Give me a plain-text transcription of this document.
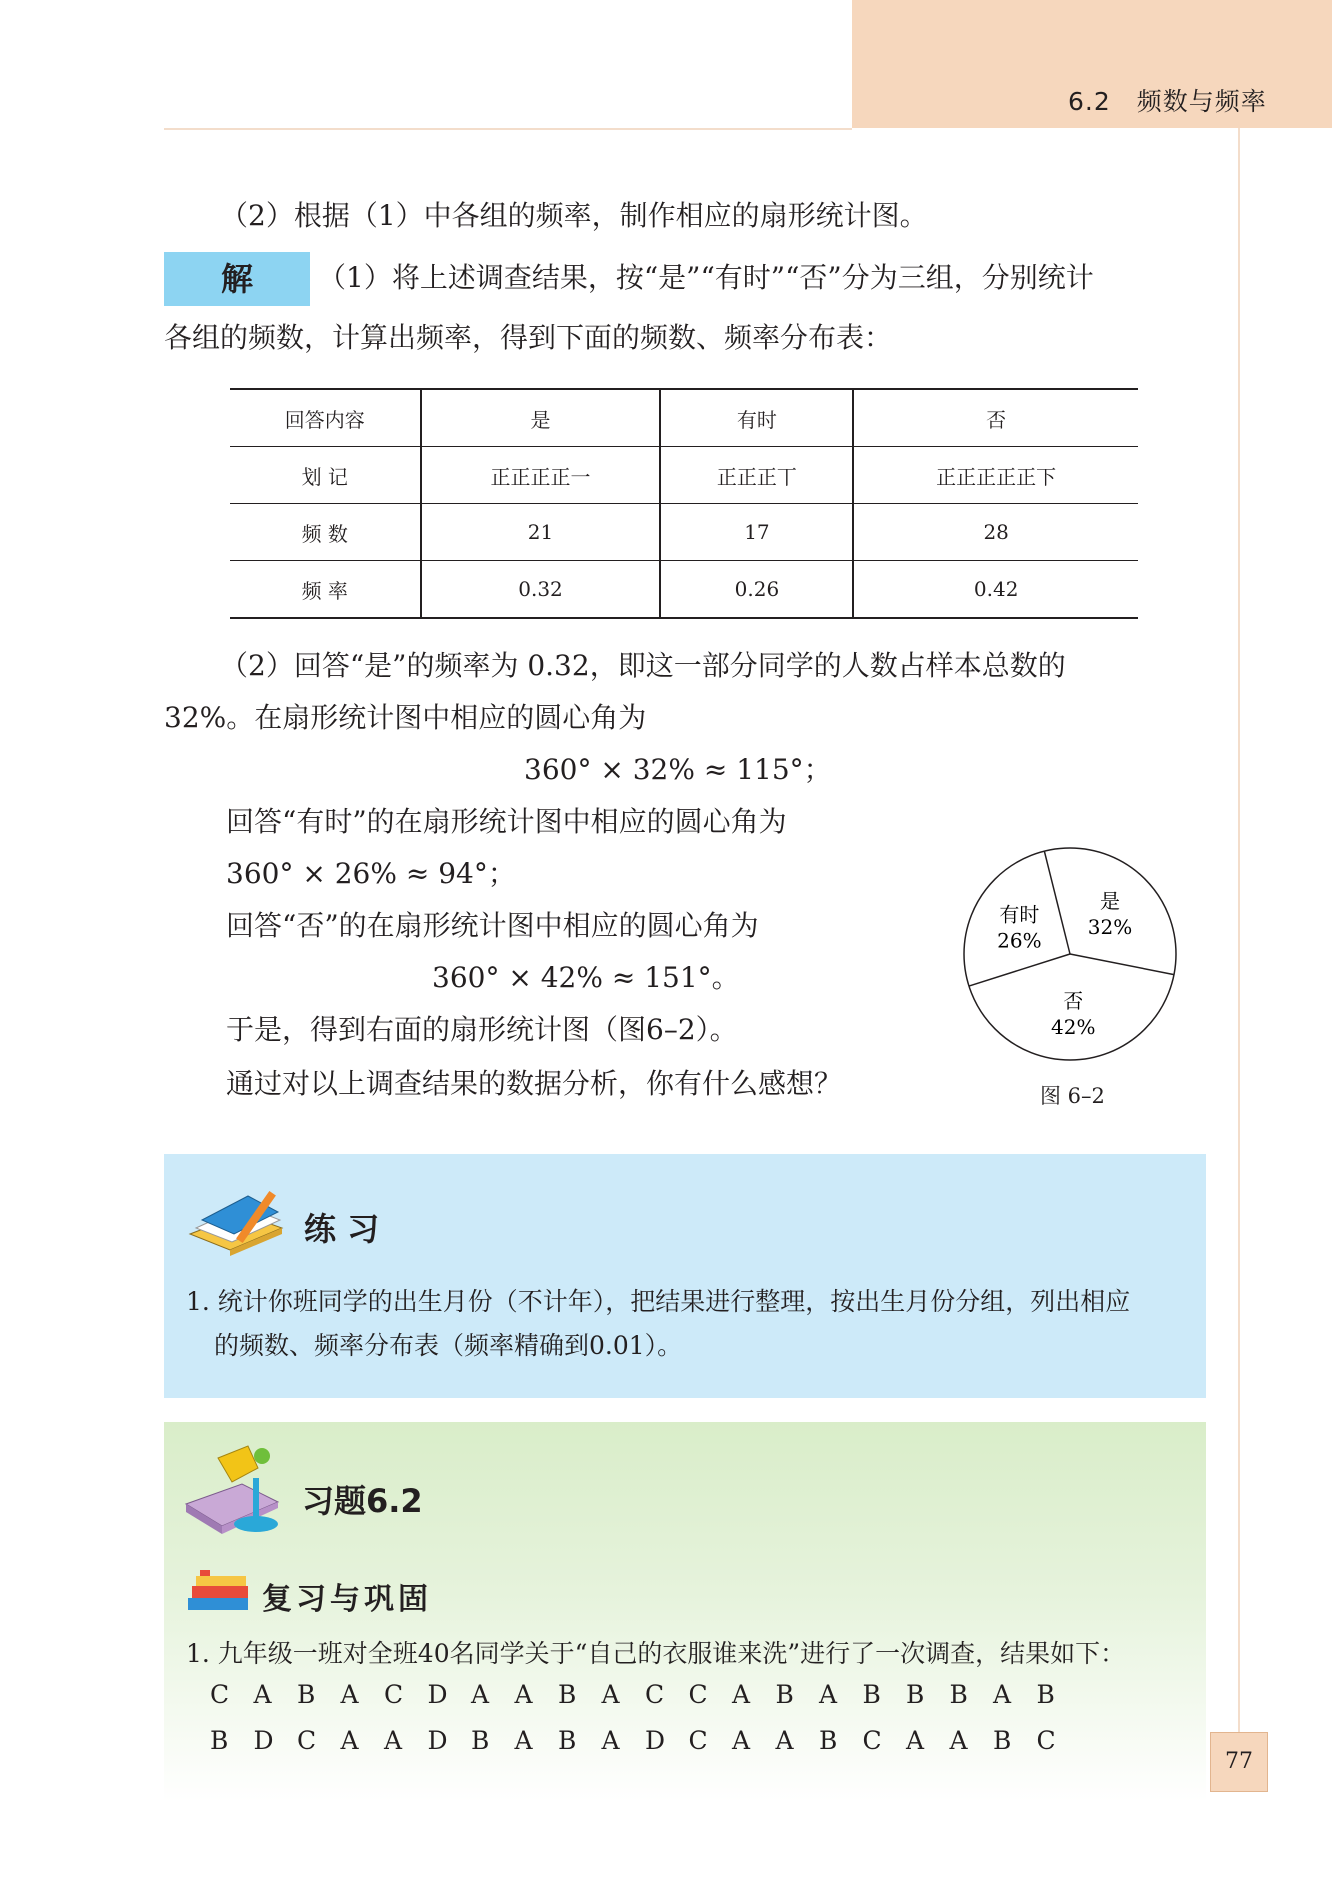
6.2　频数与频率
（2）根据（1）中各组的频率，制作相应的扇形统计图。
解	（1）将上述调查结果，按“是”“有时”“否”分为三组，分别统计
各组的频数，计算出频率，得到下面的频数、频率分布表：
回答内容	是	有时	否
划 记	正正正正一	正正正丅	正正正正正下
频 数	21	17	28
频 率	0.32	0.26	0.42
（2）回答“是”的频率为 0.32，即这一部分同学的人数占样本总数的
32%。在扇形统计图中相应的圆心角为
360° × 32% ≈ 115°；
回答“有时”的在扇形统计图中相应的圆心角为
360° × 26% ≈ 94°；
回答“否”的在扇形统计图中相应的圆心角为
360° × 42% ≈ 151°。
于是，得到右面的扇形统计图（图6–2）。
通过对以上调查结果的数据分析，你有什么感想？
是
32%
否
42%
有时
26%
图 6–2
练 习
1. 统计你班同学的出生月份（不计年），把结果进行整理，按出生月份分组，列出相应
的频数、频率分布表（频率精确到0.01）。
习题6.2
复习与巩固
1. 九年级一班对全班40名同学关于“自己的衣服谁来洗”进行了一次调查，结果如下：
C A B A C D A A B A C C A B A B B B A B
B D C A A D B A B A D C A A B C A A B C
77
